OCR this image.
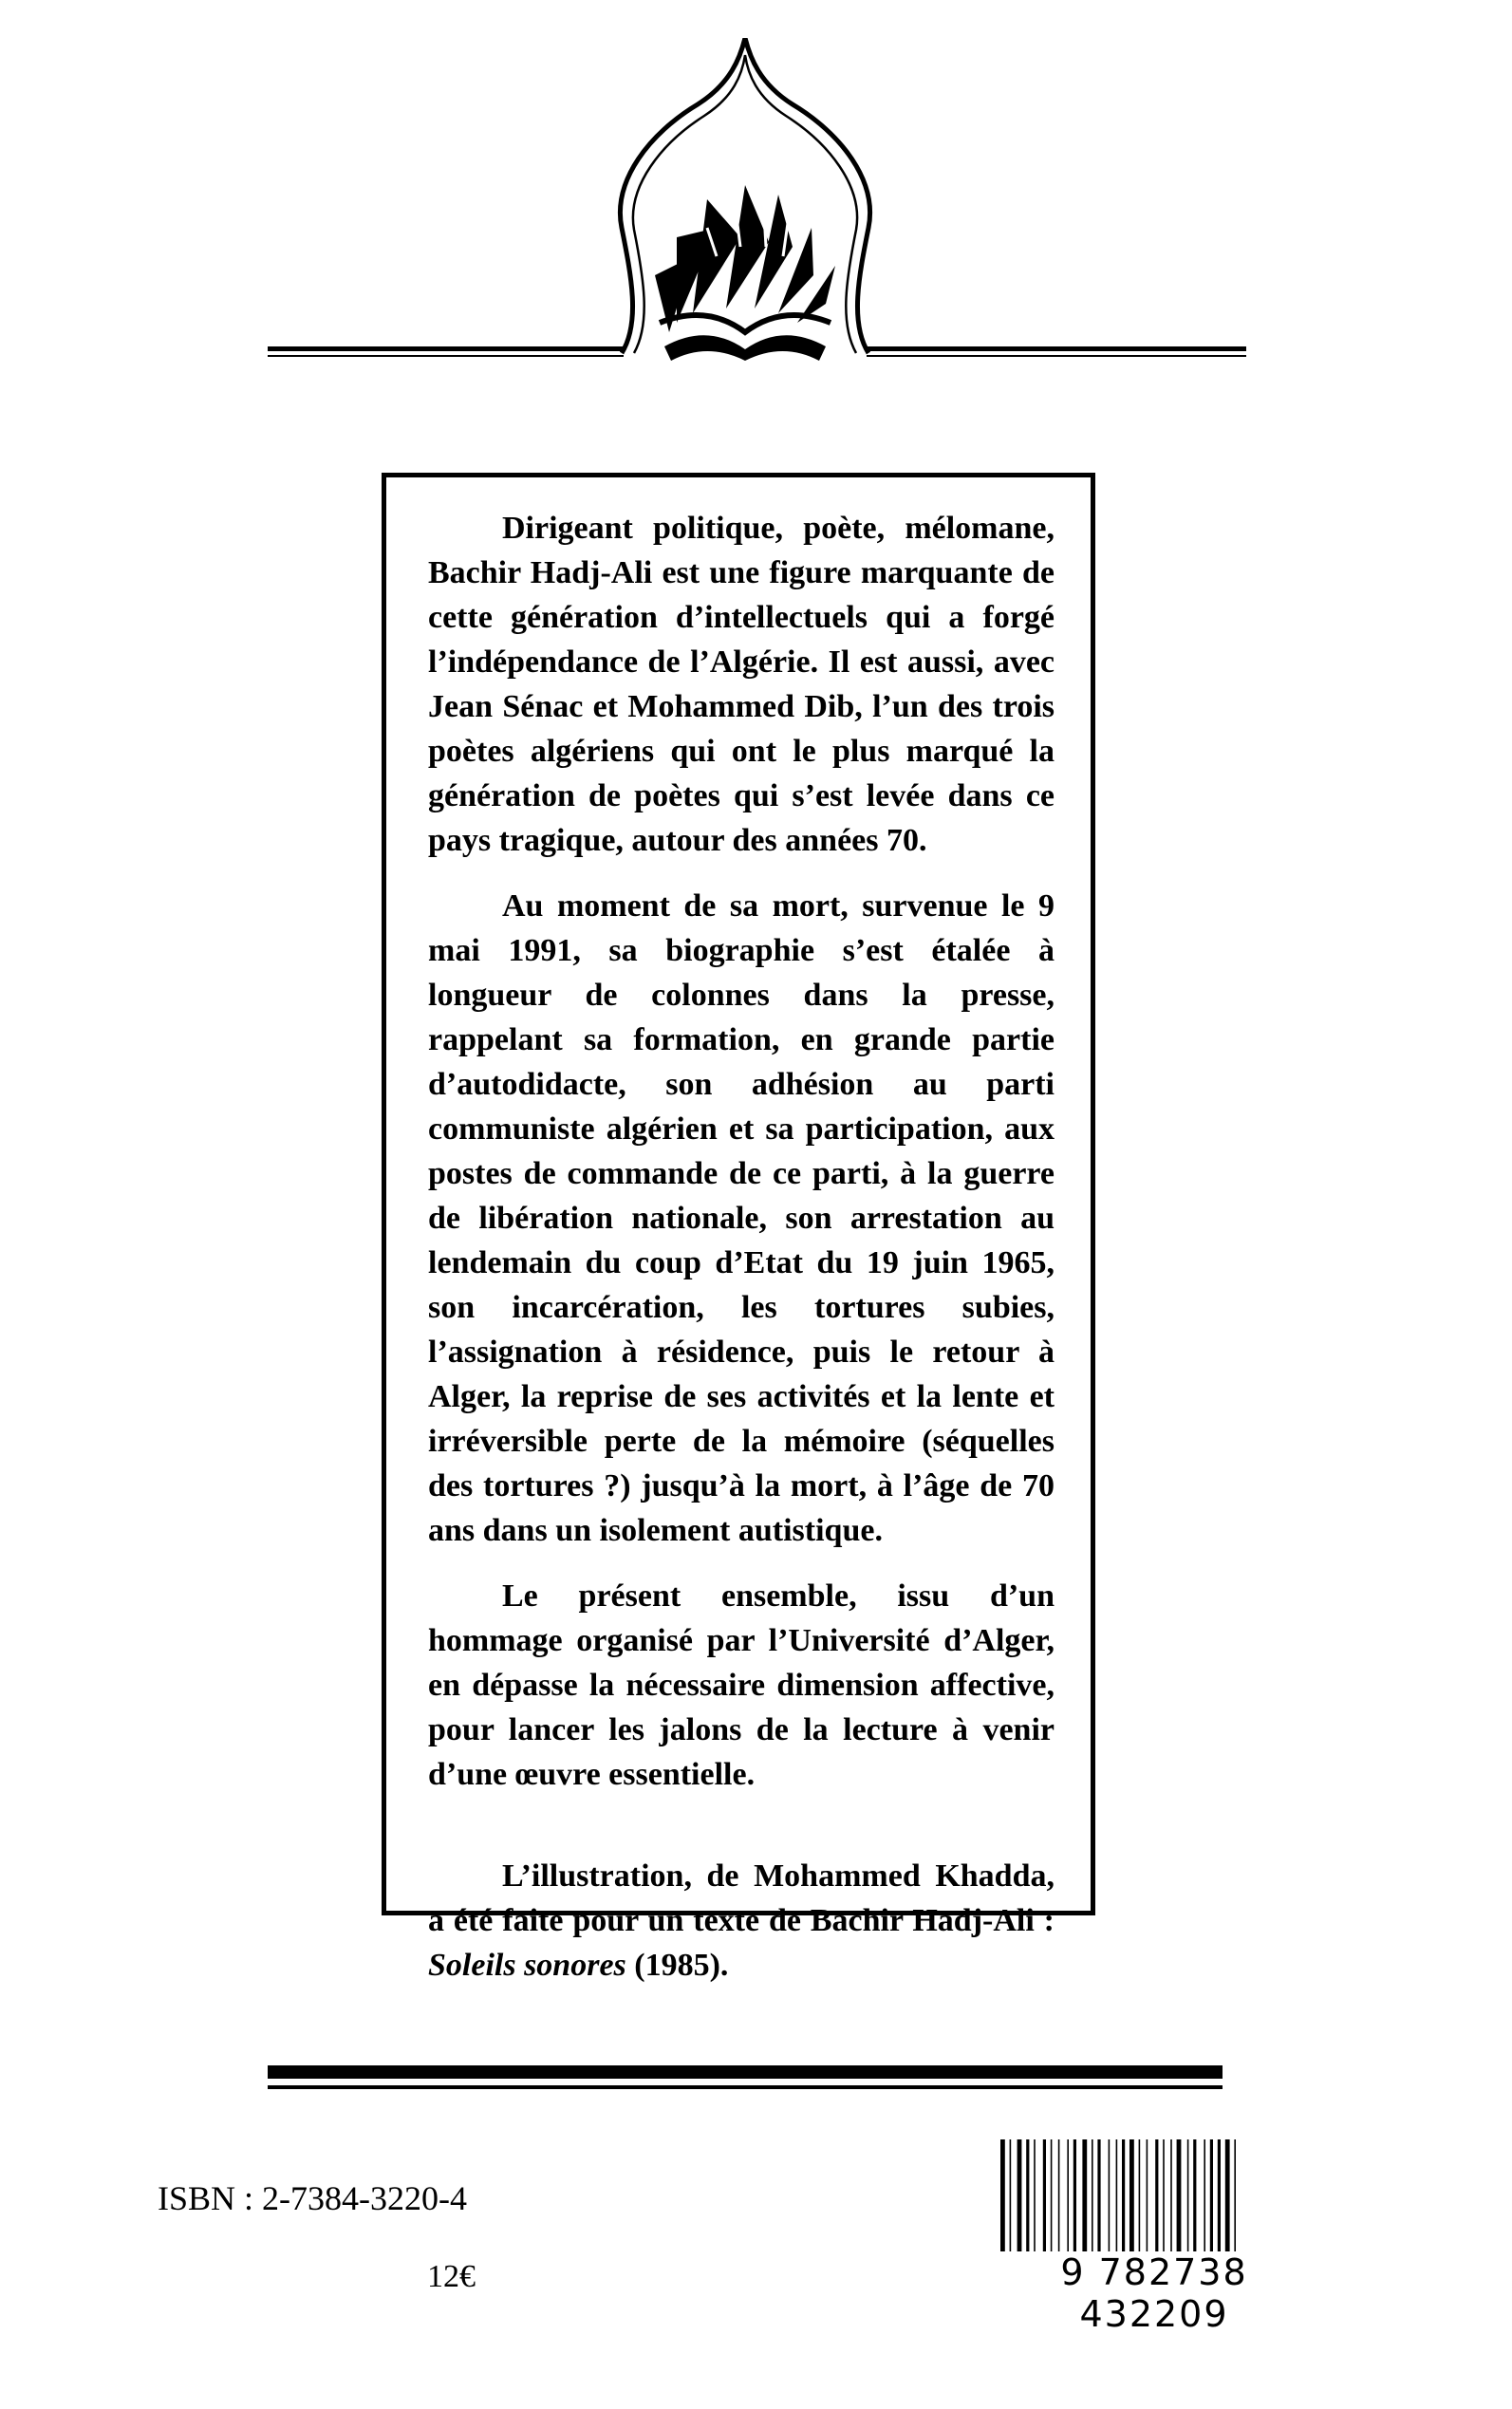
Dirigeant politique, poète, mélomane, Bachir Hadj-Ali est une figure marquante de cette génération d’intellectuels qui a forgé l’indépendance de l’Algérie. Il est aussi, avec Jean Sénac et Mohammed Dib, l’un des trois poètes algériens qui ont le plus marqué la génération de poètes qui s’est levée dans ce pays tragique, autour des années 70.

Au moment de sa mort, survenue le 9 mai 1991, sa biographie s’est étalée à longueur de colonnes dans la presse, rappelant sa formation, en grande partie d’autodidacte, son adhésion au parti communiste algérien et sa participation, aux postes de commande de ce parti, à la guerre de libération nationale, son arrestation au lendemain du coup d’Etat du 19 juin 1965, son incarcération, les tortures subies, l’assignation à résidence, puis le retour à Alger, la reprise de ses activités et la lente et irréversible perte de la mémoire (séquelles des tortures ?) jusqu’à la mort, à l’âge de 70 ans dans un isolement autistique.

Le présent ensemble, issu d’un hommage organisé par l’Université d’Alger, en dépasse la nécessaire dimension affective, pour lancer les jalons de la lecture à venir d’une œuvre essentielle.

L’illustration, de Mohammed Khadda, a été faite pour un texte de Bachir Hadj-Ali : Soleils sonores (1985).

ISBN : 2-7384-3220-4
12€	9 782738 432209
